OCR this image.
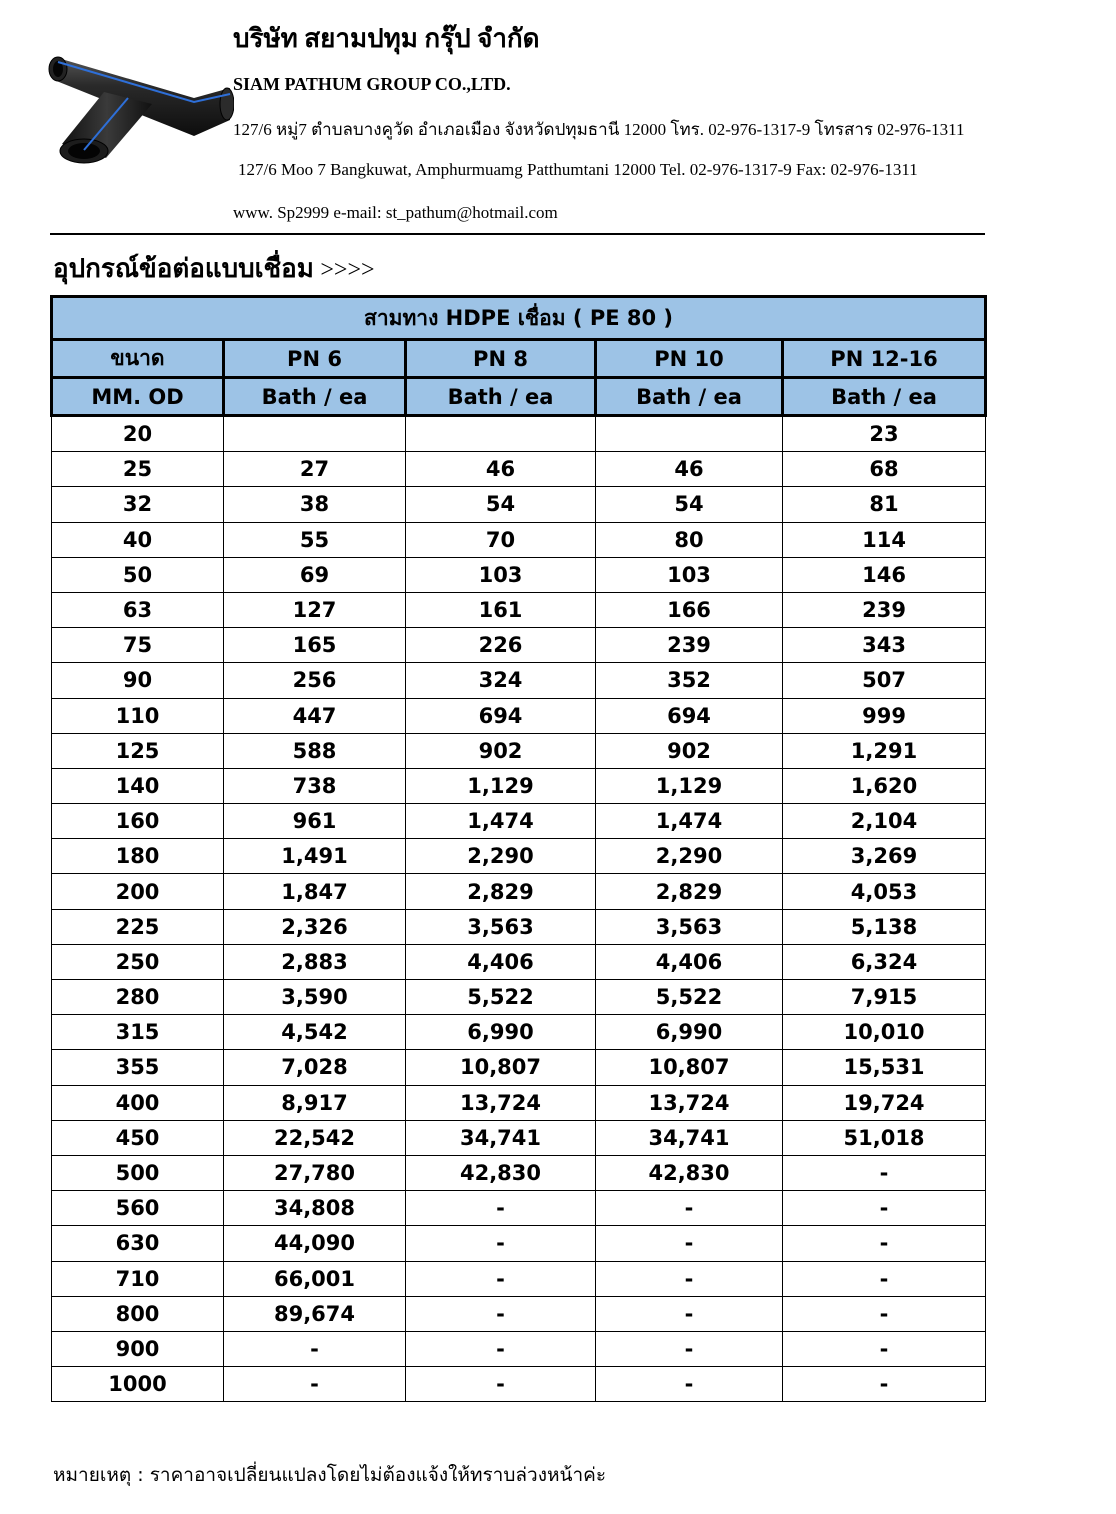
บริษัท สยามปทุม กรุ๊ป จำกัด
SIAM PATHUM GROUP CO.,LTD.
127/6 หมู่7 ตำบลบางคูวัด อำเภอเมือง จังหวัดปทุมธานี 12000 โทร. 02-976-1317-9 โทรสาร 02-976-1311
127/6 Moo 7 Bangkuwat, Amphurmuamg Patthumtani 12000 Tel. 02-976-1317-9 Fax: 02-976-1311
www. Sp2999 e-mail: st_pathum@hotmail.com
อุปกรณ์ข้อต่อแบบเชื่อม >>>>
สามทาง HDPE เชื่อม ( PE 80 )				
ขนาด	PN 6	PN 8	PN 10	PN 12-16
MM. OD	Bath / ea	Bath / ea	Bath / ea	Bath / ea
20				23
25	27	46	46	68
32	38	54	54	81
40	55	70	80	114
50	69	103	103	146
63	127	161	166	239
75	165	226	239	343
90	256	324	352	507
110	447	694	694	999
125	588	902	902	1,291
140	738	1,129	1,129	1,620
160	961	1,474	1,474	2,104
180	1,491	2,290	2,290	3,269
200	1,847	2,829	2,829	4,053
225	2,326	3,563	3,563	5,138
250	2,883	4,406	4,406	6,324
280	3,590	5,522	5,522	7,915
315	4,542	6,990	6,990	10,010
355	7,028	10,807	10,807	15,531
400	8,917	13,724	13,724	19,724
450	22,542	34,741	34,741	51,018
500	27,780	42,830	42,830	-
560	34,808	-	-	-
630	44,090	-	-	-
710	66,001	-	-	-
800	89,674	-	-	-
900	-	-	-	-
1000	-	-	-	-
หมายเหตุ : ราคาอาจเปลี่ยนแปลงโดยไม่ต้องแจ้งให้ทราบล่วงหน้าค่ะ
